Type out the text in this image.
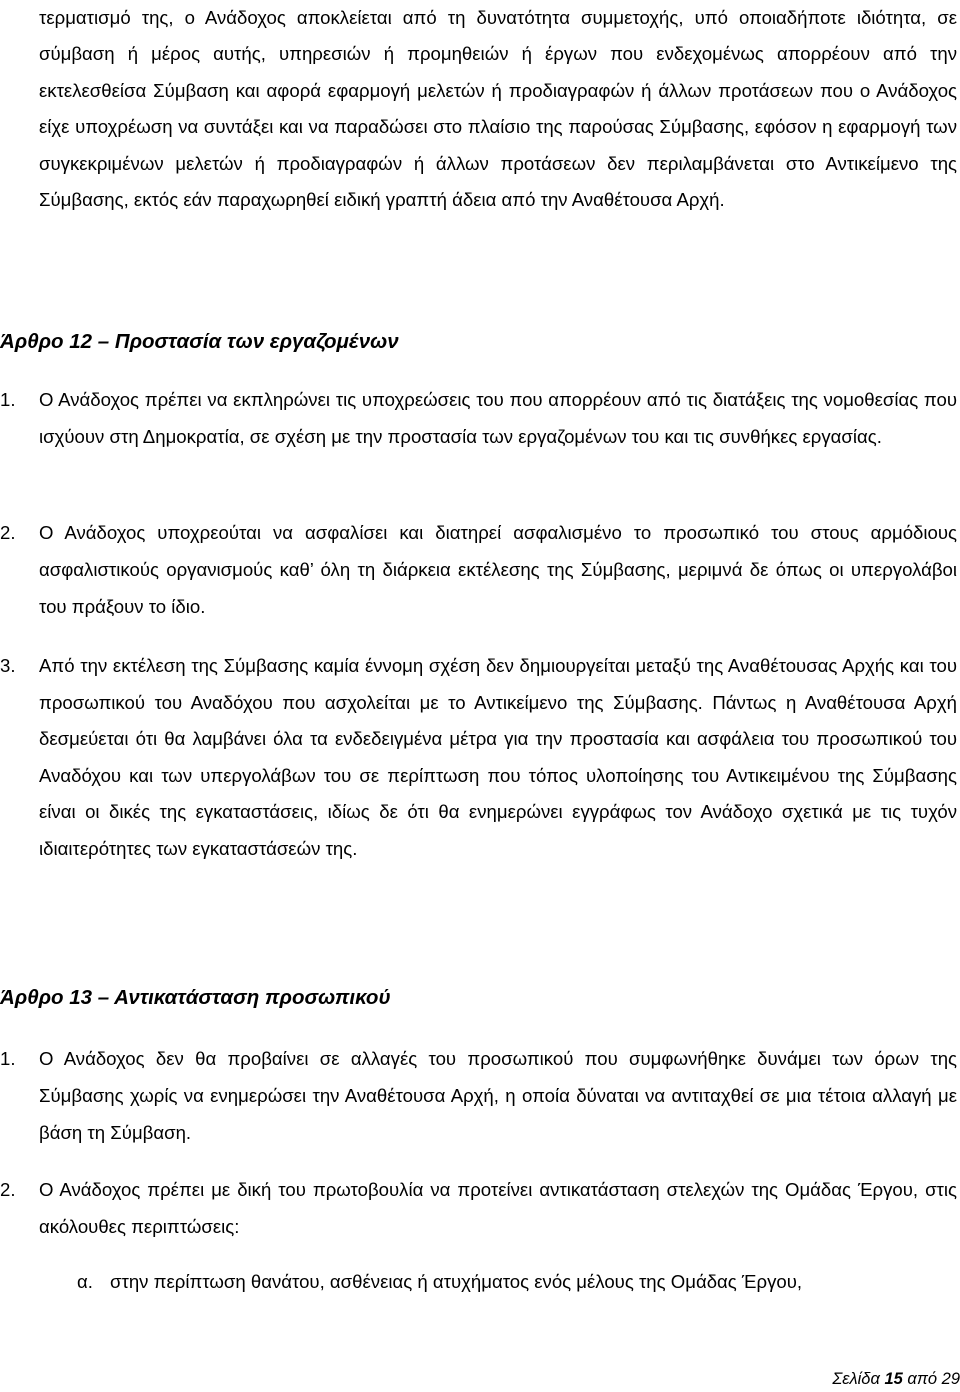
τερματισμό της, ο Ανάδοχος αποκλείεται από τη δυνατότητα συμμετοχής, υπό οποιαδήποτε ιδιότητα, σε σύμβαση ή μέρος αυτής, υπηρεσιών ή προμηθειών ή έργων που ενδεχομένως απορρέουν από την εκτελεσθείσα Σύμβαση και αφορά εφαρμογή μελετών ή προδιαγραφών ή άλλων προτάσεων που ο Ανάδοχος είχε υποχρέωση να συντάξει και να παραδώσει στο πλαίσιο της παρούσας Σύμβασης, εφόσον η εφαρμογή των συγκεκριμένων μελετών ή προδιαγραφών ή άλλων προτάσεων δεν περιλαμβάνεται στο Αντικείμενο της Σύμβασης, εκτός εάν παραχωρηθεί ειδική γραπτή άδεια από την Αναθέτουσα Αρχή.
Άρθρο 12 – Προστασία των εργαζομένων
1. Ο Ανάδοχος πρέπει να εκπληρώνει τις υποχρεώσεις του που απορρέουν από τις διατάξεις της νομοθεσίας που ισχύουν στη Δημοκρατία, σε σχέση με την προστασία των εργαζομένων του και τις συνθήκες εργασίας.
2. Ο Ανάδοχος υποχρεούται να ασφαλίσει και διατηρεί ασφαλισμένο το προσωπικό του στους αρμόδιους ασφαλιστικούς οργανισμούς καθ’ όλη τη διάρκεια εκτέλεσης της Σύμβασης, μεριμνά δε όπως οι υπεργολάβοι του πράξουν το ίδιο.
3. Από την εκτέλεση της Σύμβασης καμία έννομη σχέση δεν δημιουργείται μεταξύ της Αναθέτουσας Αρχής και του προσωπικού του Αναδόχου που ασχολείται με το Αντικείμενο της Σύμβασης. Πάντως η Αναθέτουσα Αρχή δεσμεύεται ότι θα λαμβάνει όλα τα ενδεδειγμένα μέτρα για την προστασία και ασφάλεια του προσωπικού του Αναδόχου και των υπεργολάβων του σε περίπτωση που τόπος υλοποίησης του Αντικειμένου της Σύμβασης είναι οι δικές της εγκαταστάσεις, ιδίως δε ότι θα ενημερώνει εγγράφως τον Ανάδοχο σχετικά με τις τυχόν ιδιαιτερότητες των εγκαταστάσεών της.
Άρθρο 13 – Αντικατάσταση προσωπικού
1. Ο Ανάδοχος δεν θα προβαίνει σε αλλαγές του προσωπικού που συμφωνήθηκε δυνάμει των όρων της Σύμβασης χωρίς να ενημερώσει την Αναθέτουσα Αρχή, η οποία δύναται να αντιταχθεί σε μια τέτοια αλλαγή με βάση τη Σύμβαση.
2. Ο Ανάδοχος πρέπει με δική του πρωτοβουλία να προτείνει αντικατάσταση στελεχών της Ομάδας Έργου, στις ακόλουθες περιπτώσεις:
α. στην περίπτωση θανάτου, ασθένειας ή ατυχήματος ενός μέλους της Ομάδας Έργου,
Σελίδα 15 από 29
